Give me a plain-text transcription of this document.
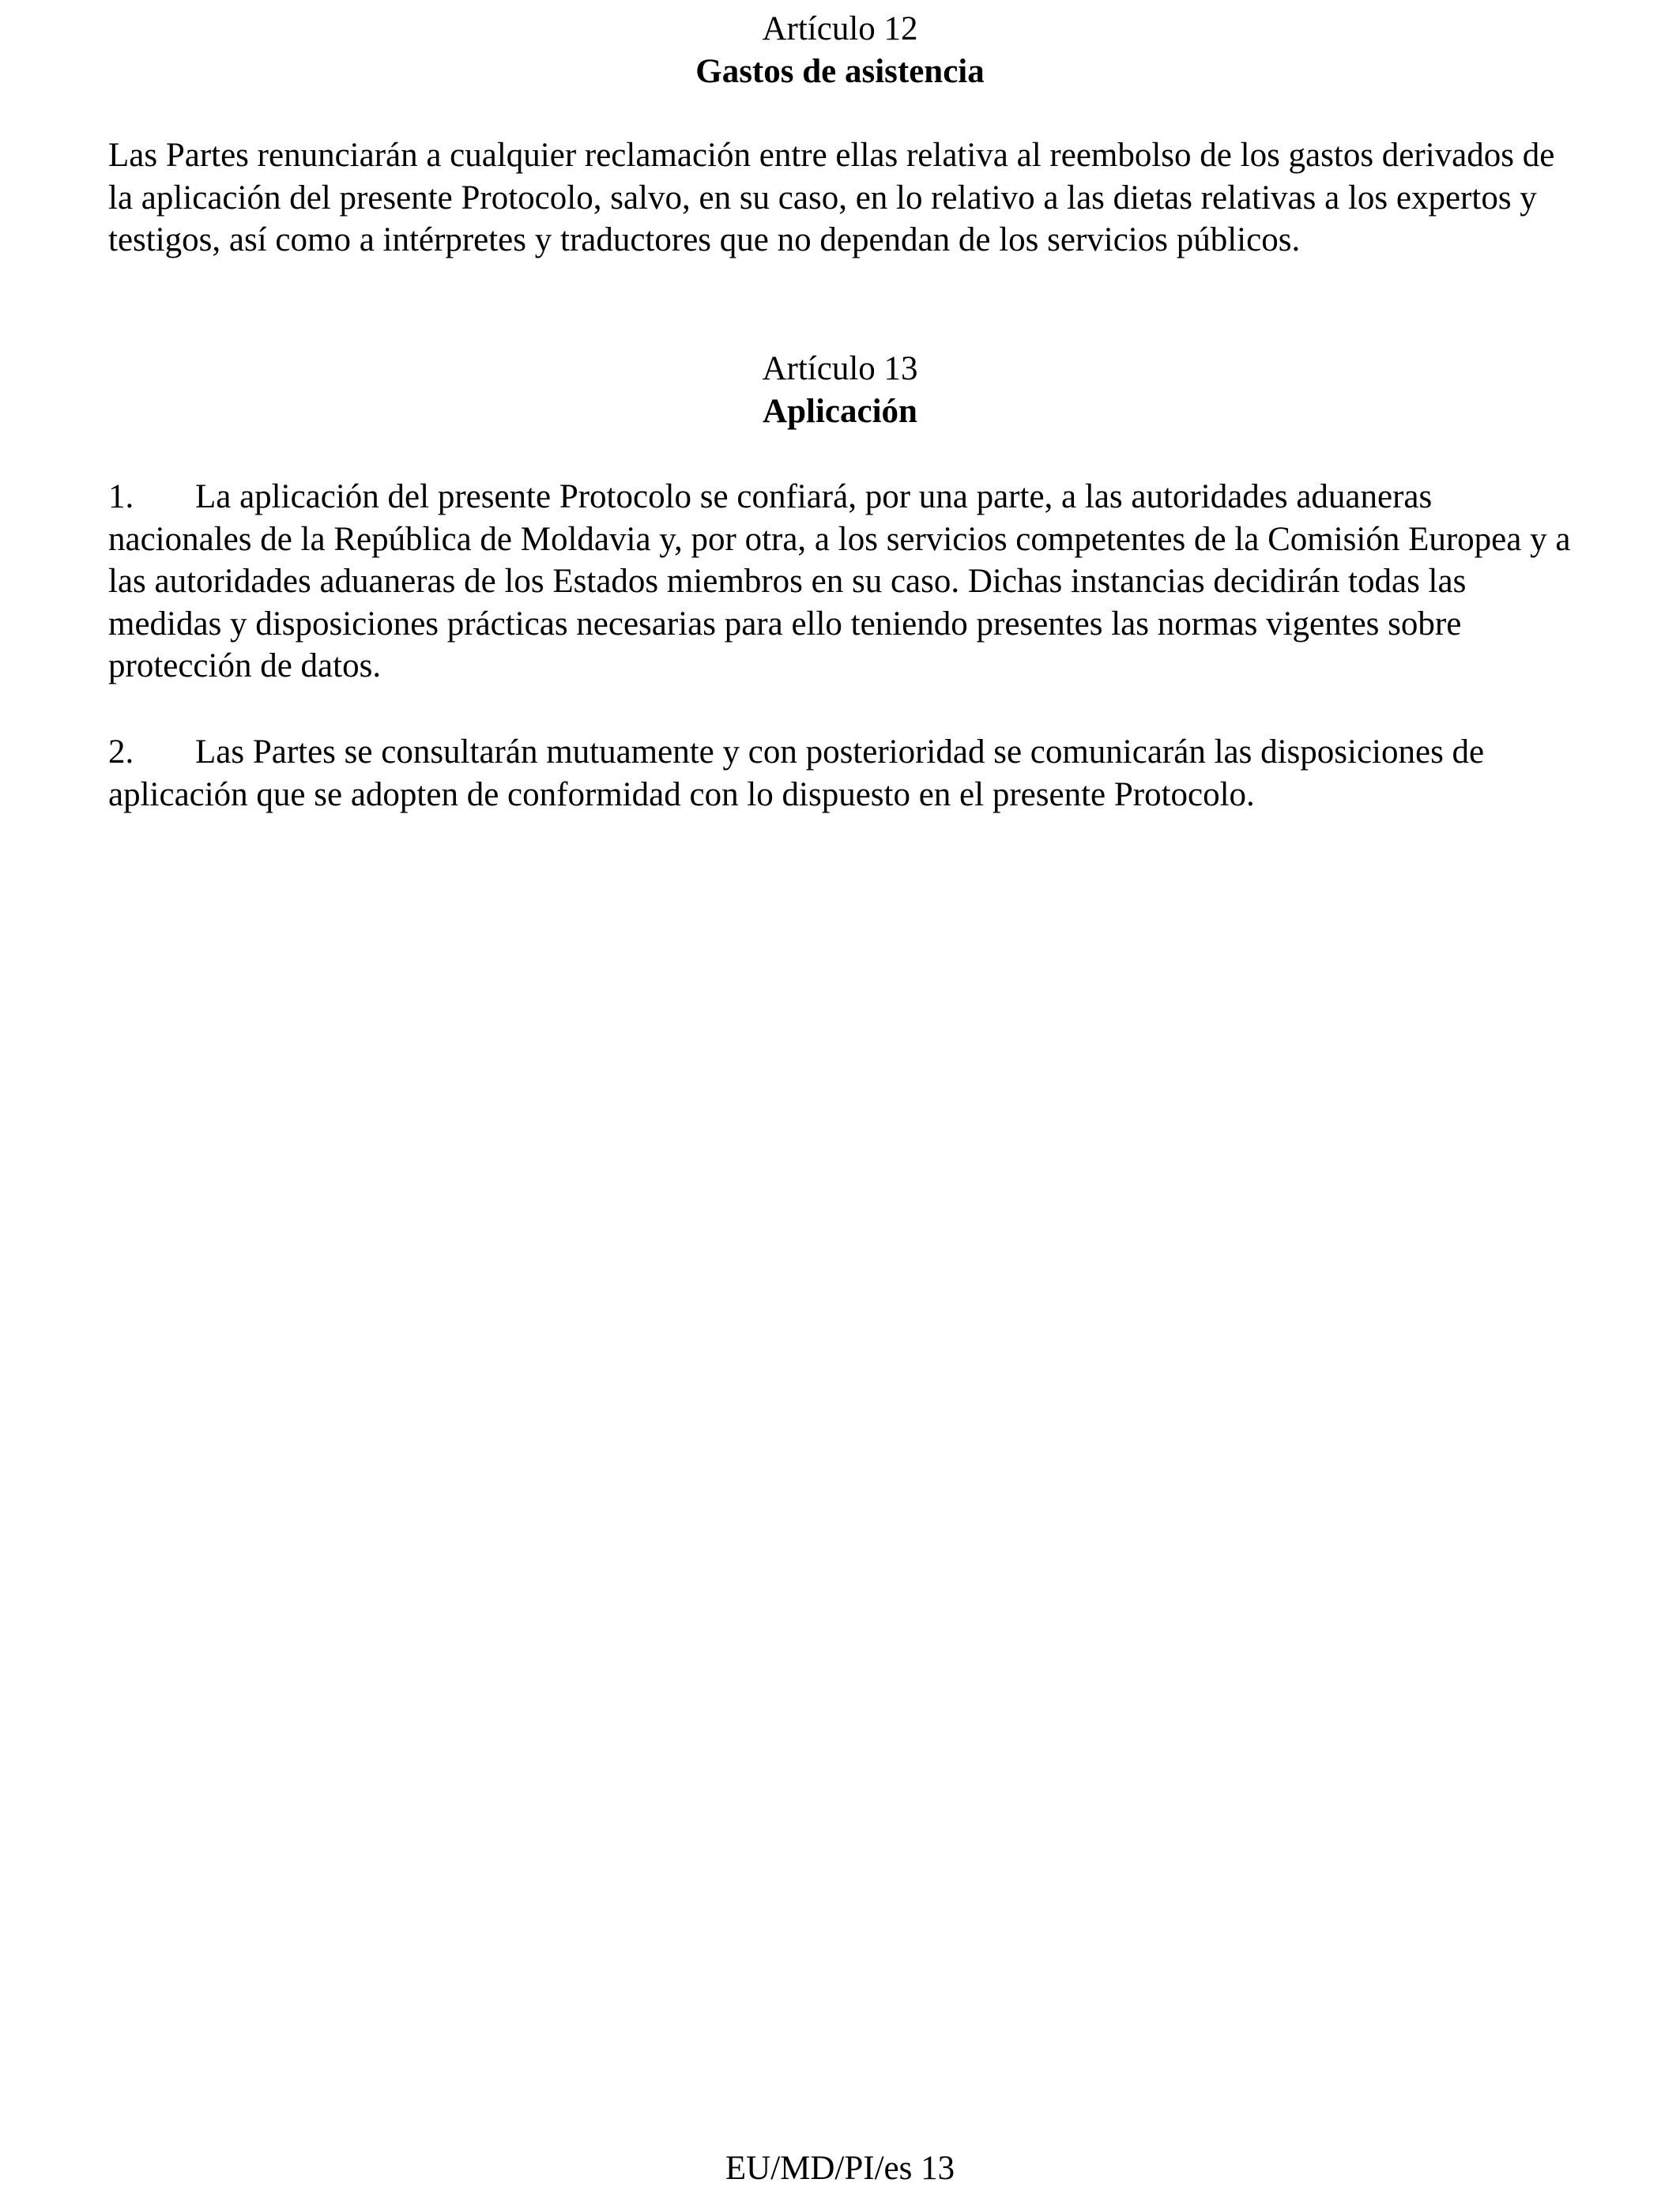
Artículo 12
Gastos de asistencia

Las Partes renunciarán a cualquier reclamación entre ellas relativa al reembolso de los gastos derivados de la aplicación del presente Protocolo, salvo, en su caso, en lo relativo a las dietas relativas a los expertos y testigos, así como a intérpretes y traductores que no dependan de los servicios públicos.

Artículo 13
Aplicación

1. La aplicación del presente Protocolo se confiará, por una parte, a las autoridades aduaneras nacionales de la República de Moldavia y, por otra, a los servicios competentes de la Comisión Europea y a las autoridades aduaneras de los Estados miembros en su caso. Dichas instancias decidirán todas las medidas y disposiciones prácticas necesarias para ello teniendo presentes las normas vigentes sobre protección de datos.

2. Las Partes se consultarán mutuamente y con posterioridad se comunicarán las disposiciones de aplicación que se adopten de conformidad con lo dispuesto en el presente Protocolo.

EU/MD/PI/es 13
